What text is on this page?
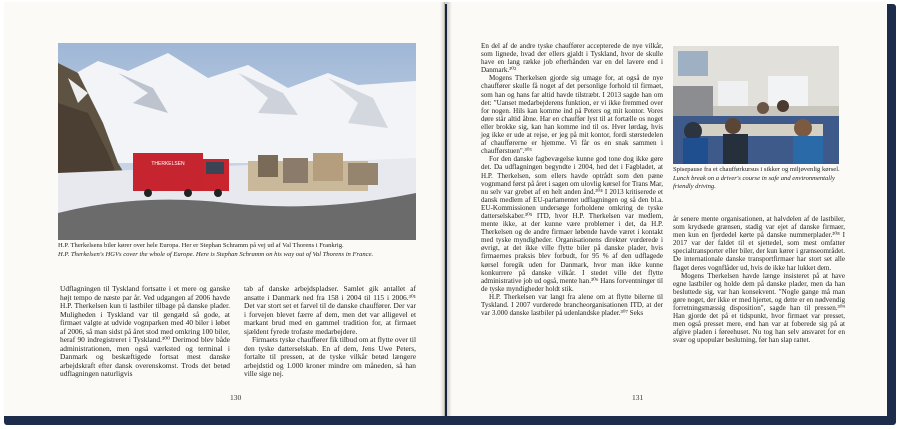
THERKELSEN
H.P. Therkelsens biler kører over hele Europa. Her er Stephan Schramm på vej ud af Val Thorens i Frankrig.
H.P. Therkelsen's HGVs cover the whole of Europe. Here is Stephan Schramm on his way out of Val Thorens in France.

Udflagningen til Tyskland fortsatte i et mere og ganske højt tempo de næste par år. Ved udgangen af 2006 havde H.P. Therkelsen kun ti lastbiler tilbage på danske plader. Muligheden i Tyskland var til gengæld så gode, at firmaet valgte at udvide vognparken med 40 biler i løbet af 2006, så man sidst på året stod med omkring 100 biler, heraf 90 indregistreret i Tyskland.³⁰⁰ Derimod blev både administrationen, men også værksted og terminal i Danmark og beskæftigede fortsat mest danske arbejdskraft efter dansk overenskomst. Trods det betød udflagningen naturligvis

tab af danske arbejdspladser. Samlet gik antallet af ansatte i Danmark ned fra 158 i 2004 til 115 i 2006.³⁰¹ Det var stort set et farvel til de danske chauffører. Der var i forvejen blevet færre af dem, men det var alligevel et markant brud med en gammel tradition for, at firmaet sjældent fyrede trofaste medarbejdere.

Firmaets tyske chauffører fik tilbud om at flytte over til den tyske datterselskab. En af dem, Jens Uwe Peters, fortalte til pressen, at de tyske vilkår betød længere arbejdstid og 1.000 kroner mindre om måneden, så han ville sige nej.

130

En del af de andre tyske chauffører accepterede de nye vilkår, som lignede, hvad der ellers gjaldt i Tyskland, hvor de skulle have en lang række job efterhånden var en del lavere end i Danmark.³⁰²

Mogens Therkelsen gjorde sig umage for, at også de nye chauffører skulle få noget af det personlige forhold til firmaet, som han og hans far altid havde tilstræbt. I 2013 sagde han om det: "Uanset medarbejderens funktion, er vi ikke fremmed over for nogen. Hils kan komme ind på Peters og mit kontor. Vores døre står altid åbne. Har en chauffør lyst til at fortælle os noget eller brokke sig, kan han komme ind til os. Hver lørdag, hvis jeg ikke er ude at rejse, er jeg på mit kontor, fordi størstedelen af chaufførerne er hjemme. Vi får os en snak sammen i chaufførstuen".³⁰³

For den danske fagbevægelse kunne god tone dog ikke gøre det. Da udflagningen begyndte i 2004, hed det i Fagbladet, at H.P. Therkelsen, som ellers havde optrådt som den pæne vognmand først på året i sagen om ulovlig kørsel for Trans Mar, nu selv var grebet af en helt anden ånd.³⁰⁴ I 2013 kritiserede et dansk medlem af EU-parlamentet udflagningen og så den bl.a. EU-Kommissionen undersøge forholdene omkring de tyske datterselskaber.³⁰⁵ ITD, hvor H.P. Therkelsen var medlem, mente ikke, at der kunne være problemer i det, da H.P. Therkelsen og de andre firmaer løbende havde været i kontakt med tyske myndigheder. Organisationens direktør vurderede i øvrigt, at det ikke ville flytte biler på danske plader, hvis firmaernes praksis blev forbudt, for 95 % af den udflagede kørsel foregik uden for Danmark, hvor man ikke kunne konkurrere på danske vilkår. I stedet ville det flytte administrative job ud også, mente han.³⁰⁶ Hans forventninger til de tyske myndigheder holdt stik.

H.P. Therkelsen var langt fra alene om at flytte bilerne til Tyskland. I 2007 vurderede brancheorganisationen ITD, at der var 3.000 danske lastbiler på udenlandske plader.³⁰⁷ Seks

Spisepause fra et chaufførkursus i sikker og miljøvenlig kørsel.
Lunch break on a driver's course in safe and environmentally friendly driving.

år senere mente organisationen, at halvdelen af de lastbiler, som krydsede grænsen, stadig var ejet af danske firmaer, men kun en fjerdedel kørte på danske nummerplader.³⁰⁸ I 2017 var der faldet til et sjettedel, som mest omfatter specialtransporter eller biler, der kun kører i grænseområdet. De internationale danske transportfirmaer har stort set alle flaget deres vognflåder ud, hvis de ikke har lukket dem.

Mogens Therkelsen havde længe insisteret på at have egne lastbiler og holde dem på danske plader, men da han besluttede sig, var han konsekvent. "Nogle gange må man gøre noget, der ikke er med hjertet, og dette er en nødvendig forretningsmæssig disposition", sagde han til pressen.³⁰⁹ Han gjorde det på et tidspunkt, hvor firmaet var presset, men også presset mere, end han var at foberede sig på at afgive pladen i føreehuset. Nu tog han selv ansvaret for en svær og upopulær beslutning, før han slap rattet.

131
